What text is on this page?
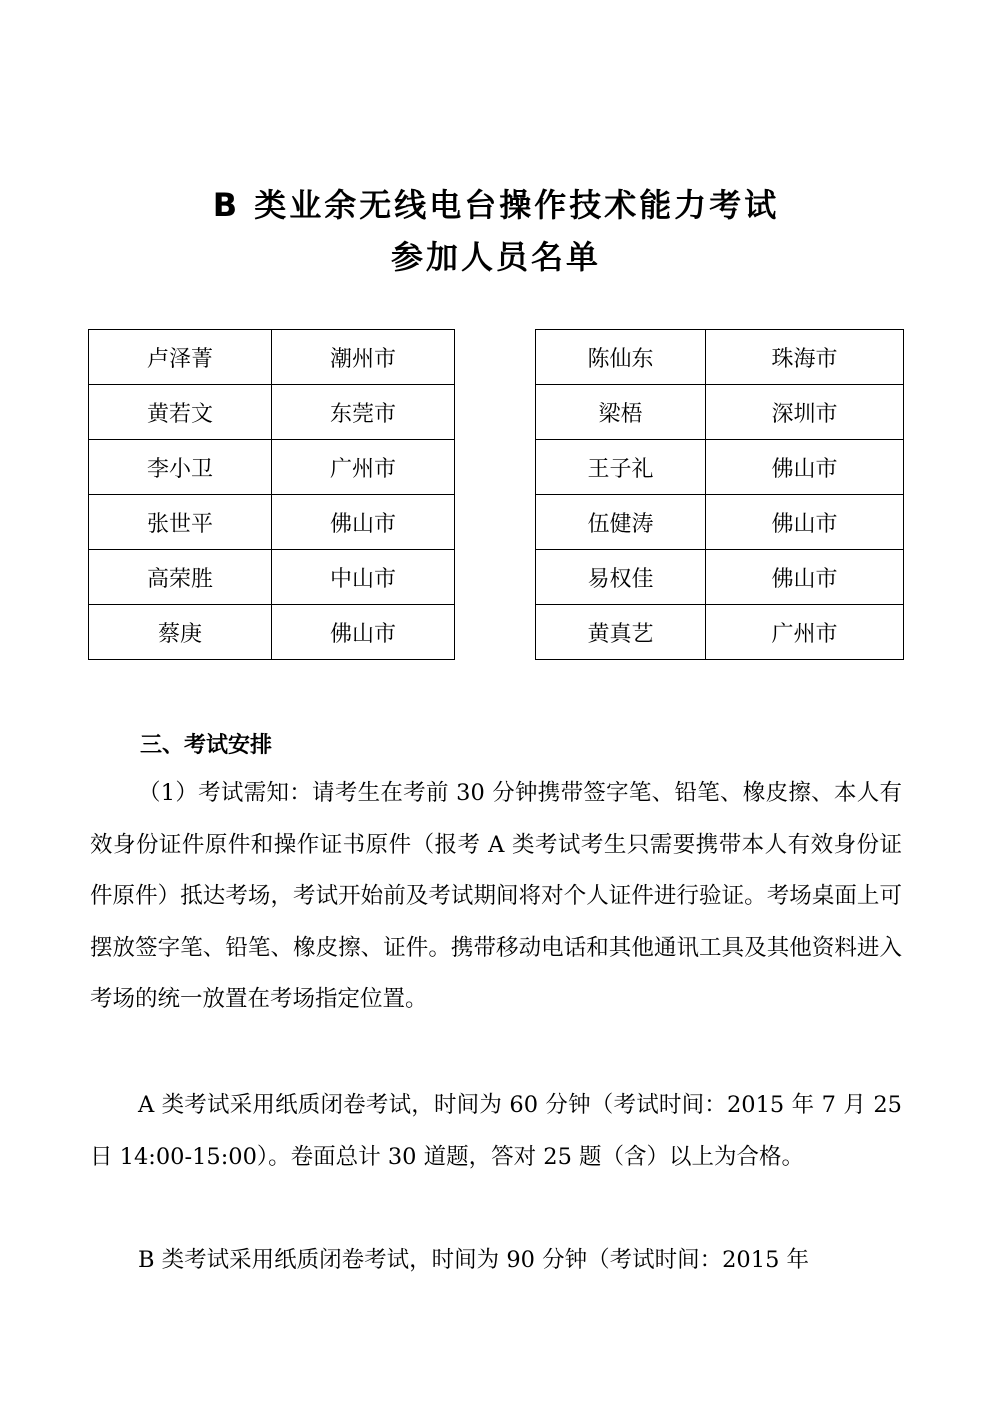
B 类业余无线电台操作技术能力考试
参加人员名单
卢泽菁	潮州市
黄若文	东莞市
李小卫	广州市
张世平	佛山市
高荣胜	中山市
蔡庚	佛山市
陈仙东	珠海市
梁梧	深圳市
王子礼	佛山市
伍健涛	佛山市
易权佳	佛山市
黄真艺	广州市
三、考试安排

（1）考试需知：请考生在考前 30 分钟携带签字笔、铅笔、橡皮擦、本人有效身份证件原件和操作证书原件（报考 A 类考试考生只需要携带本人有效身份证件原件）抵达考场，考试开始前及考试期间将对个人证件进行验证。考场桌面上可摆放签字笔、铅笔、橡皮擦、证件。携带移动电话和其他通讯工具及其他资料进入考场的统一放置在考场指定位置。

A 类考试采用纸质闭卷考试，时间为 60 分钟（考试时间：2015 年 7 月 25 日 14:00-15:00）。卷面总计 30 道题，答对 25 题（含）以上为合格。

B 类考试采用纸质闭卷考试，时间为 90 分钟（考试时间：2015 年
